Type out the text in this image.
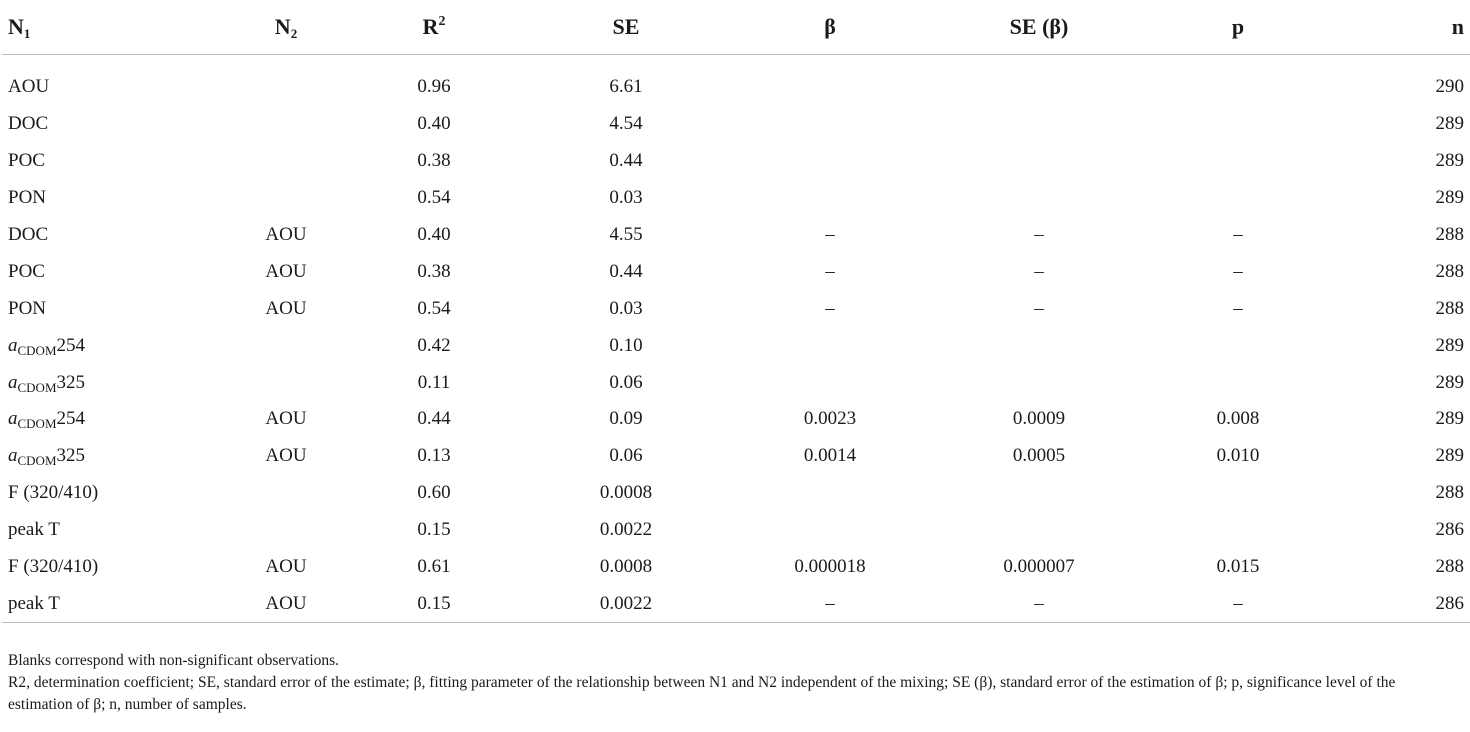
$N_1$	$N_2$	$R^2$	SE	β	SE (β)	p	n

AOU		0.96	6.61				290
DOC		0.40	4.54				289
POC		0.38	0.44				289
PON		0.54	0.03				289
DOC	AOU	0.40	4.55	–	–	–	288
POC	AOU	0.38	0.44	–	–	–	288
PON	AOU	0.54	0.03	–	–	–	288
$a_{CDOM}254$		0.42	0.10				289
$a_{CDOM}325$		0.11	0.06				289
$a_{CDOM}254$	AOU	0.44	0.09	0.0023	0.0009	0.008	289
$a_{CDOM}325$	AOU	0.13	0.06	0.0014	0.0005	0.010	289
F (320/410)		0.60	0.0008				288
peak T		0.15	0.0022				286
F (320/410)	AOU	0.61	0.0008	0.000018	0.000007	0.015	288
peak T	AOU	0.15	0.0022	–	–	–	286

Blanks correspond with non-significant observations.

R2, determination coefficient; SE, standard error of the estimate; β, fitting parameter of the relationship between N1 and N2 independent of the mixing; SE (β), standard error of the estimation of β; p, significance level of the estimation of β; n, number of samples.
